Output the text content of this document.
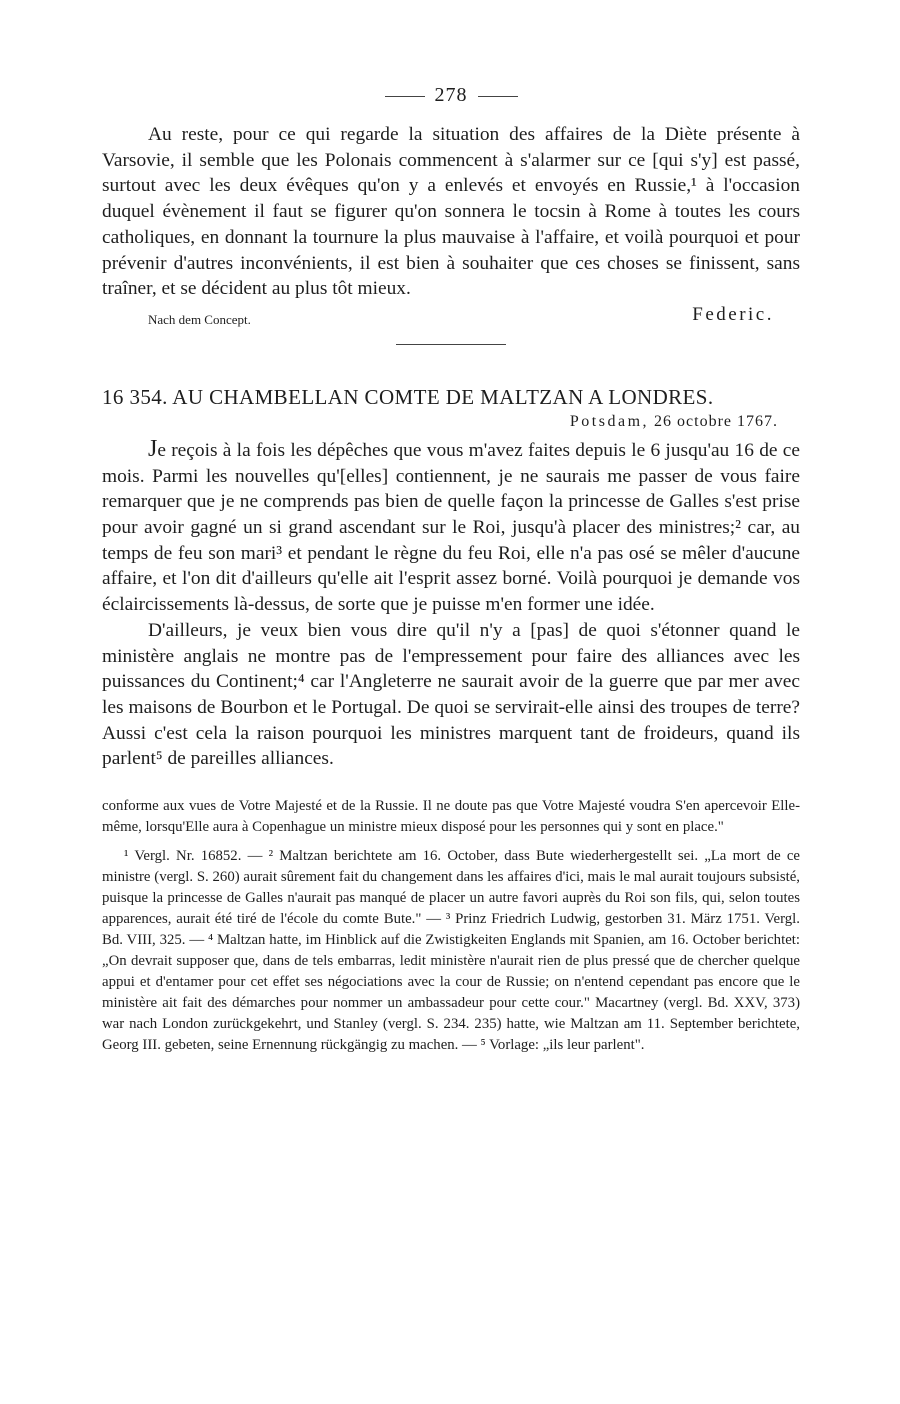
278

Au reste, pour ce qui regarde la situation des affaires de la Diète présente à Varsovie, il semble que les Polonais commencent à s'alarmer sur ce [qui s'y] est passé, surtout avec les deux évêques qu'on y a enlevés et envoyés en Russie,¹ à l'occasion duquel évènement il faut se figurer qu'on sonnera le tocsin à Rome à toutes les cours catholiques, en donnant la tournure la plus mauvaise à l'affaire, et voilà pourquoi et pour prévenir d'autres inconvénients, il est bien à souhaiter que ces choses se finissent, sans traîner, et se décident au plus tôt mieux.

Nach dem Concept.	Federic.
16 354. AU CHAMBELLAN COMTE DE MALTZAN A LONDRES.
Potsdam, 26 octobre 1767.

Je reçois à la fois les dépêches que vous m'avez faites depuis le 6 jusqu'au 16 de ce mois. Parmi les nouvelles qu'[elles] contiennent, je ne saurais me passer de vous faire remarquer que je ne comprends pas bien de quelle façon la princesse de Galles s'est prise pour avoir gagné un si grand ascendant sur le Roi, jusqu'à placer des ministres;² car, au temps de feu son mari³ et pendant le règne du feu Roi, elle n'a pas osé se mêler d'aucune affaire, et l'on dit d'ailleurs qu'elle ait l'esprit assez borné. Voilà pourquoi je demande vos éclaircissements là-dessus, de sorte que je puisse m'en former une idée.

D'ailleurs, je veux bien vous dire qu'il n'y a [pas] de quoi s'étonner quand le ministère anglais ne montre pas de l'empressement pour faire des alliances avec les puissances du Continent;⁴ car l'Angleterre ne saurait avoir de la guerre que par mer avec les maisons de Bourbon et le Portugal. De quoi se servirait-elle ainsi des troupes de terre? Aussi c'est cela la raison pourquoi les ministres marquent tant de froideurs, quand ils parlent⁵ de pareilles alliances.

conforme aux vues de Votre Majesté et de la Russie. Il ne doute pas que Votre Majesté voudra S'en apercevoir Elle-même, lorsqu'Elle aura à Copenhague un ministre mieux disposé pour les personnes qui y sont en place."

¹ Vergl. Nr. 16852. — ² Maltzan berichtete am 16. October, dass Bute wiederhergestellt sei. „La mort de ce ministre (vergl. S. 260) aurait sûrement fait du changement dans les affaires d'ici, mais le mal aurait toujours subsisté, puisque la princesse de Galles n'aurait pas manqué de placer un autre favori auprès du Roi son fils, qui, selon toutes apparences, aurait été tiré de l'école du comte Bute." — ³ Prinz Friedrich Ludwig, gestorben 31. März 1751. Vergl. Bd. VIII, 325. — ⁴ Maltzan hatte, im Hinblick auf die Zwistigkeiten Englands mit Spanien, am 16. October berichtet: „On devrait supposer que, dans de tels embarras, ledit ministère n'aurait rien de plus pressé que de chercher quelque appui et d'entamer pour cet effet ses négociations avec la cour de Russie; on n'entend cependant pas encore que le ministère ait fait des démarches pour nommer un ambassadeur pour cette cour." Macartney (vergl. Bd. XXV, 373) war nach London zurückgekehrt, und Stanley (vergl. S. 234. 235) hatte, wie Maltzan am 11. September berichtete, Georg III. gebeten, seine Ernennung rückgängig zu machen. — ⁵ Vorlage: „ils leur parlent".
